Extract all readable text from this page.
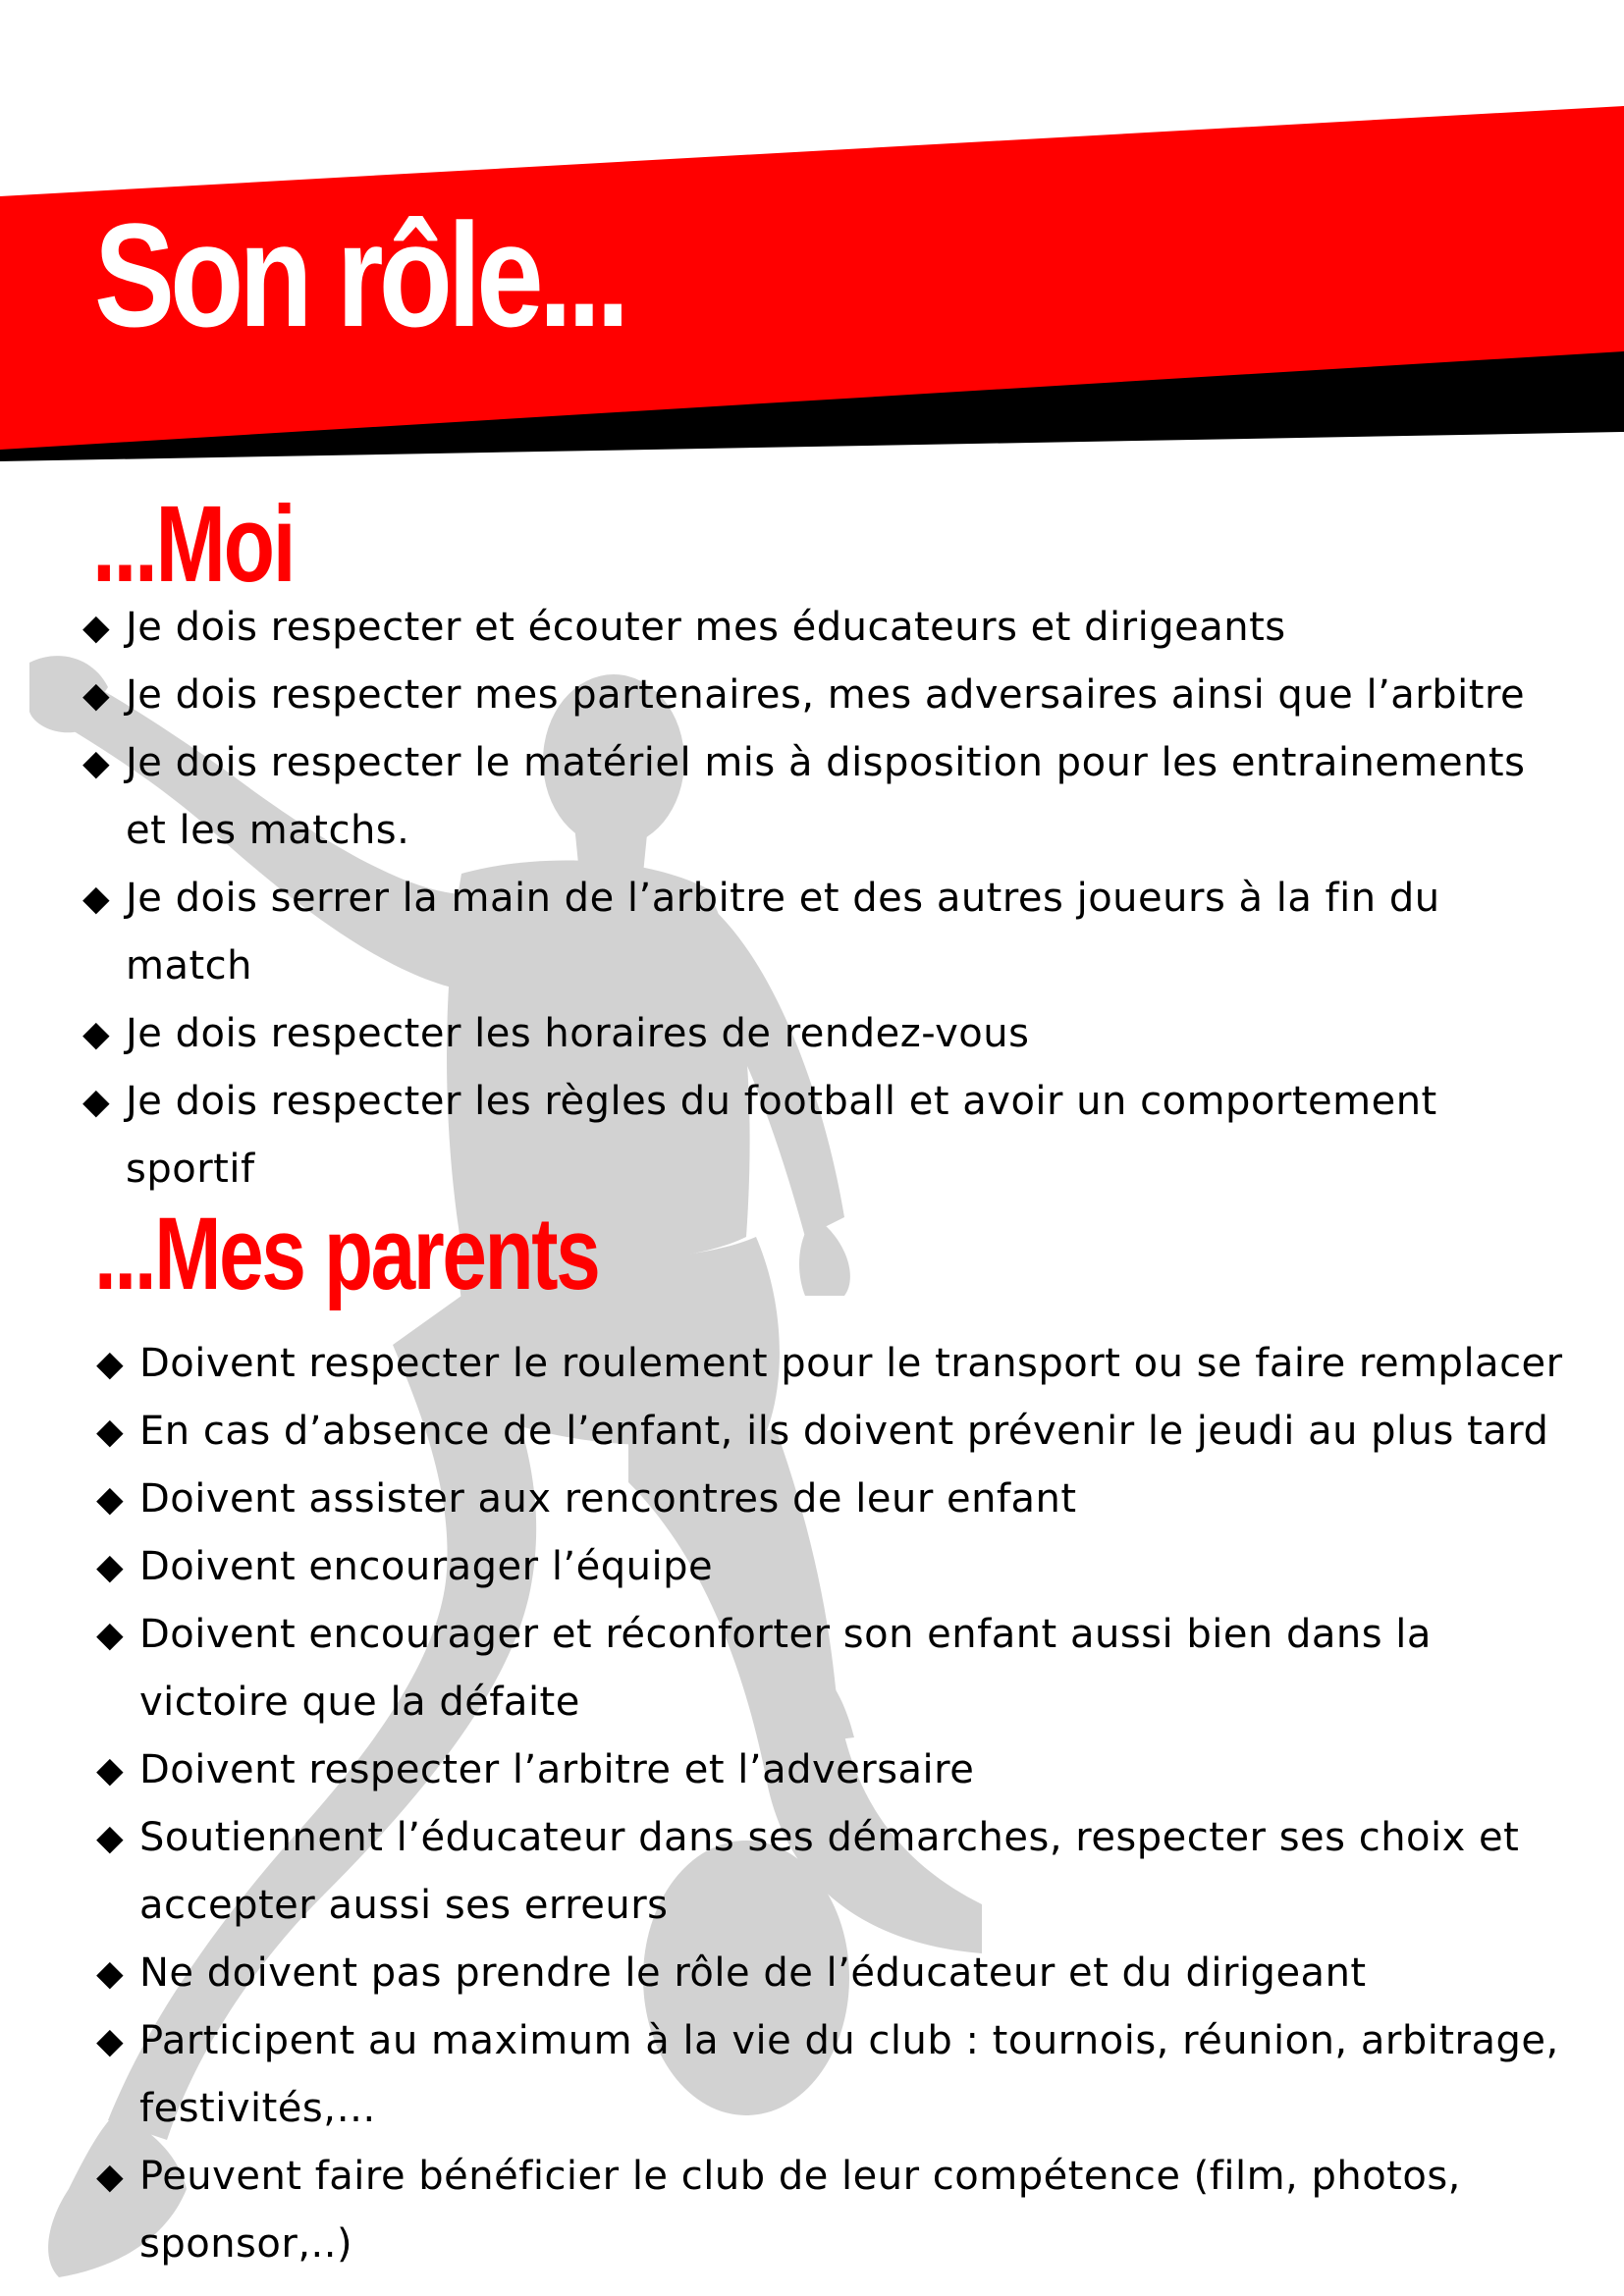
Son rôle...
...Moi
◆ Je dois respecter et écouter mes éducateurs et dirigeants
◆ Je dois respecter mes partenaires, mes adversaires ainsi que l’arbitre
◆ Je dois respecter le matériel mis à disposition pour les entrainements et les matchs.
◆ Je dois serrer la main de l’arbitre et des autres joueurs à la fin du match
◆ Je dois respecter les horaires de rendez-vous
◆ Je dois respecter les règles du football et avoir un comportement sportif
...Mes parents
◆ Doivent respecter le roulement pour le transport ou se faire remplacer
◆ En cas d’absence de l’enfant, ils doivent prévenir le jeudi au plus tard
◆ Doivent assister aux rencontres de leur enfant
◆ Doivent encourager l’équipe
◆ Doivent encourager et réconforter son enfant aussi bien dans la victoire que la défaite
◆ Doivent respecter l’arbitre et l’adversaire
◆ Soutiennent l’éducateur dans ses démarches, respecter ses choix et accepter aussi ses erreurs
◆ Ne doivent pas prendre le rôle de l’éducateur et du dirigeant
◆ Participent au maximum à la vie du club : tournois, réunion, arbitrage, festivités,…
◆ Peuvent faire bénéficier le club de leur compétence (film, photos, sponsor,..)
